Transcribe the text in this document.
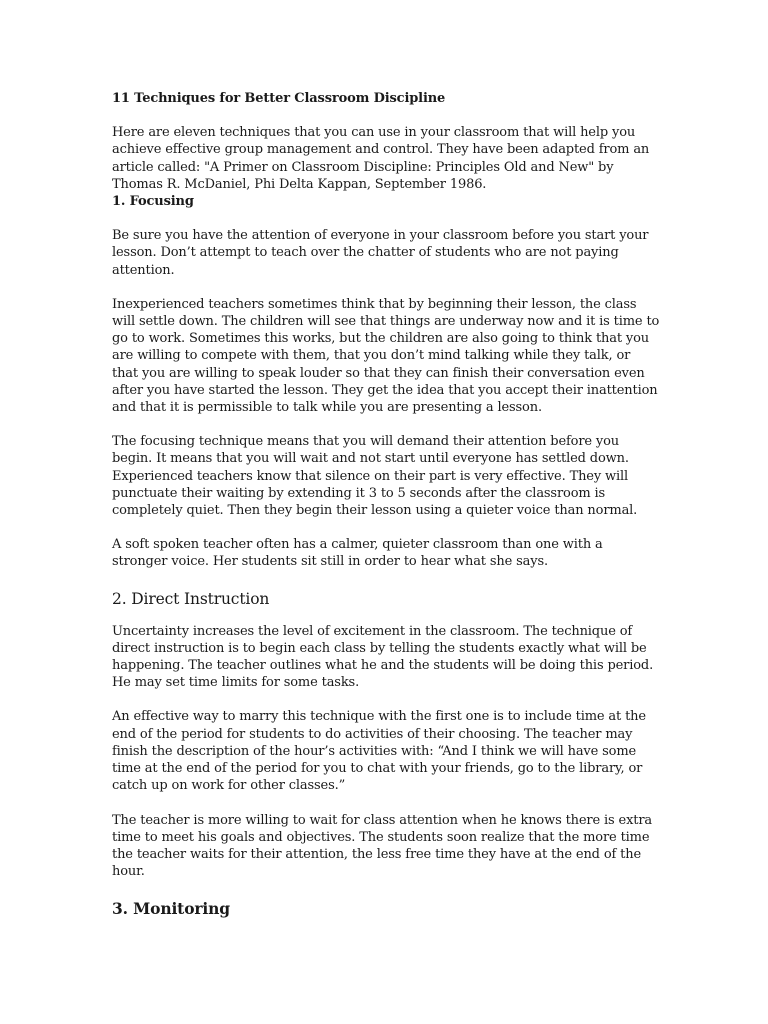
11 Techniques for Better Classroom Discipline

Here are eleven techniques that you can use in your classroom that will help you achieve effective group management and control. They have been adapted from an article called: "A Primer on Classroom Discipline: Principles Old and New" by Thomas R. McDaniel, Phi Delta Kappan, September 1986.

1. Focusing

Be sure you have the attention of everyone in your classroom before you start your lesson. Don’t attempt to teach over the chatter of students who are not paying attention.

Inexperienced teachers sometimes think that by beginning their lesson, the class will settle down. The children will see that things are underway now and it is time to go to work. Sometimes this works, but the children are also going to think that you are willing to compete with them, that you don’t mind talking while they talk, or that you are willing to speak louder so that they can finish their conversation even after you have started the lesson. They get the idea that you accept their inattention and that it is permissible to talk while you are presenting a lesson.

The focusing technique means that you will demand their attention before you begin. It means that you will wait and not start until everyone has settled down. Experienced teachers know that silence on their part is very effective. They will punctuate their waiting by extending it 3 to 5 seconds after the classroom is completely quiet. Then they begin their lesson using a quieter voice than normal.

A soft spoken teacher often has a calmer, quieter classroom than one with a stronger voice. Her students sit still in order to hear what she says.

2. Direct Instruction

Uncertainty increases the level of excitement in the classroom. The technique of direct instruction is to begin each class by telling the students exactly what will be happening. The teacher outlines what he and the students will be doing this period. He may set time limits for some tasks.

An effective way to marry this technique with the first one is to include time at the end of the period for students to do activities of their choosing. The teacher may finish the description of the hour’s activities with: “And I think we will have some time at the end of the period for you to chat with your friends, go to the library, or catch up on work for other classes.”

The teacher is more willing to wait for class attention when he knows there is extra time to meet his goals and objectives. The students soon realize that the more time the teacher waits for their attention, the less free time they have at the end of the hour.

3. Monitoring
